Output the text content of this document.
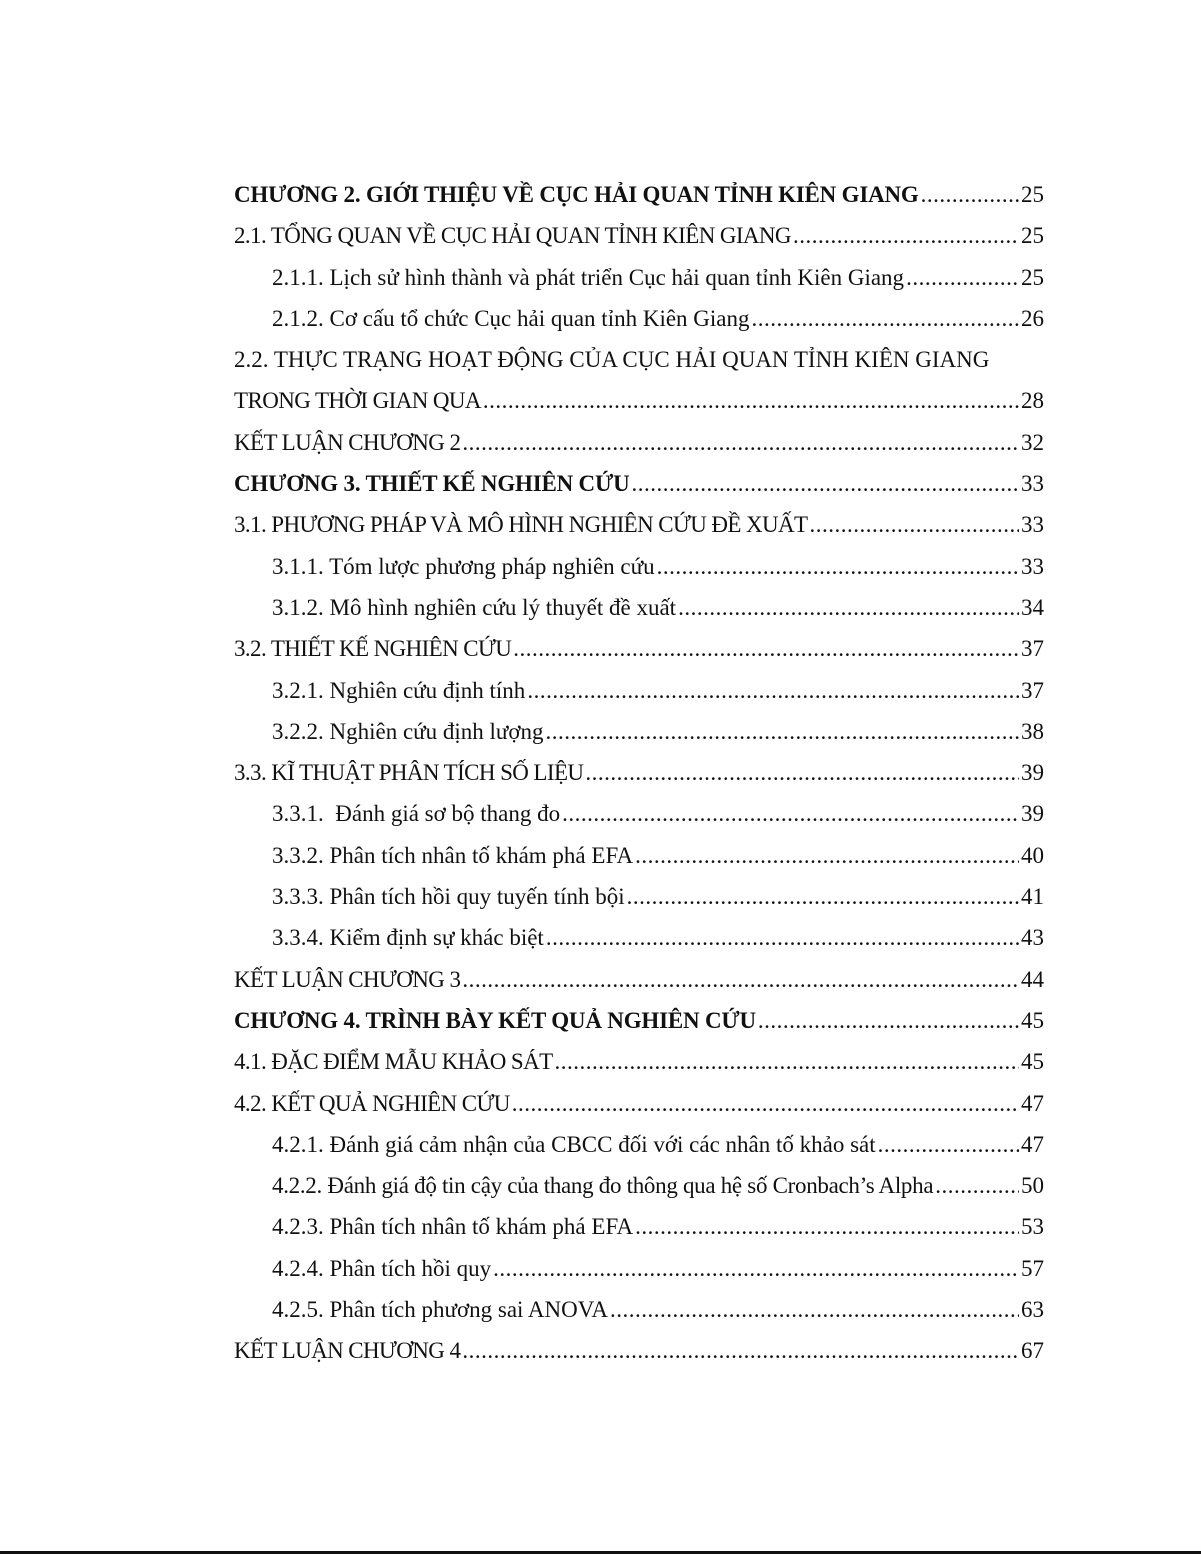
CHƯƠNG 2. GIỚI THIỆU VỀ CỤC HẢI QUAN TỈNH KIÊN GIANG .....	25
2.1. TỔNG QUAN VỀ CỤC HẢI QUAN TỈNH KIÊN GIANG .....	25
2.1.1. Lịch sử hình thành và phát triển Cục hải quan tỉnh Kiên Giang .....	25
2.1.2. Cơ cấu tổ chức Cục hải quan tỉnh Kiên Giang .....	26
2.2. THỰC TRẠNG HOẠT ĐỘNG CỦA CỤC HẢI QUAN TỈNH KIÊN GIANG
TRONG THỜI GIAN QUA .....	28
KẾT LUẬN CHƯƠNG 2 .....	32
CHƯƠNG 3. THIẾT KẾ NGHIÊN CỨU .....	33
3.1. PHƯƠNG PHÁP VÀ MÔ HÌNH NGHIÊN CỨU ĐỀ XUẤT .....	33
3.1.1. Tóm lược phương pháp nghiên cứu .....	33
3.1.2. Mô hình nghiên cứu lý thuyết đề xuất .....	34
3.2. THIẾT KẾ NGHIÊN CỨU .....	37
3.2.1. Nghiên cứu định tính .....	37
3.2.2. Nghiên cứu định lượng .....	38
3.3. KĨ THUẬT PHÂN TÍCH SỐ LIỆU .....	39
3.3.1.  Đánh giá sơ bộ thang đo .....	39
3.3.2. Phân tích nhân tố khám phá EFA .....	40
3.3.3. Phân tích hồi quy tuyến tính bội .....	41
3.3.4. Kiểm định sự khác biệt .....	43
KẾT LUẬN CHƯƠNG 3 .....	44
CHƯƠNG 4. TRÌNH BÀY KẾT QUẢ NGHIÊN CỨU .....	45
4.1. ĐẶC ĐIỂM MẪU KHẢO SÁT .....	45
4.2. KẾT QUẢ NGHIÊN CỨU .....	47
4.2.1. Đánh giá cảm nhận của CBCC đối với các nhân tố khảo sát .....	47
4.2.2. Đánh giá độ tin cậy của thang đo thông qua hệ số Cronbach’s Alpha .....	50
4.2.3. Phân tích nhân tố khám phá EFA .....	53
4.2.4. Phân tích hồi quy .....	57
4.2.5. Phân tích phương sai ANOVA .....	63
KẾT LUẬN CHƯƠNG 4 .....	67
